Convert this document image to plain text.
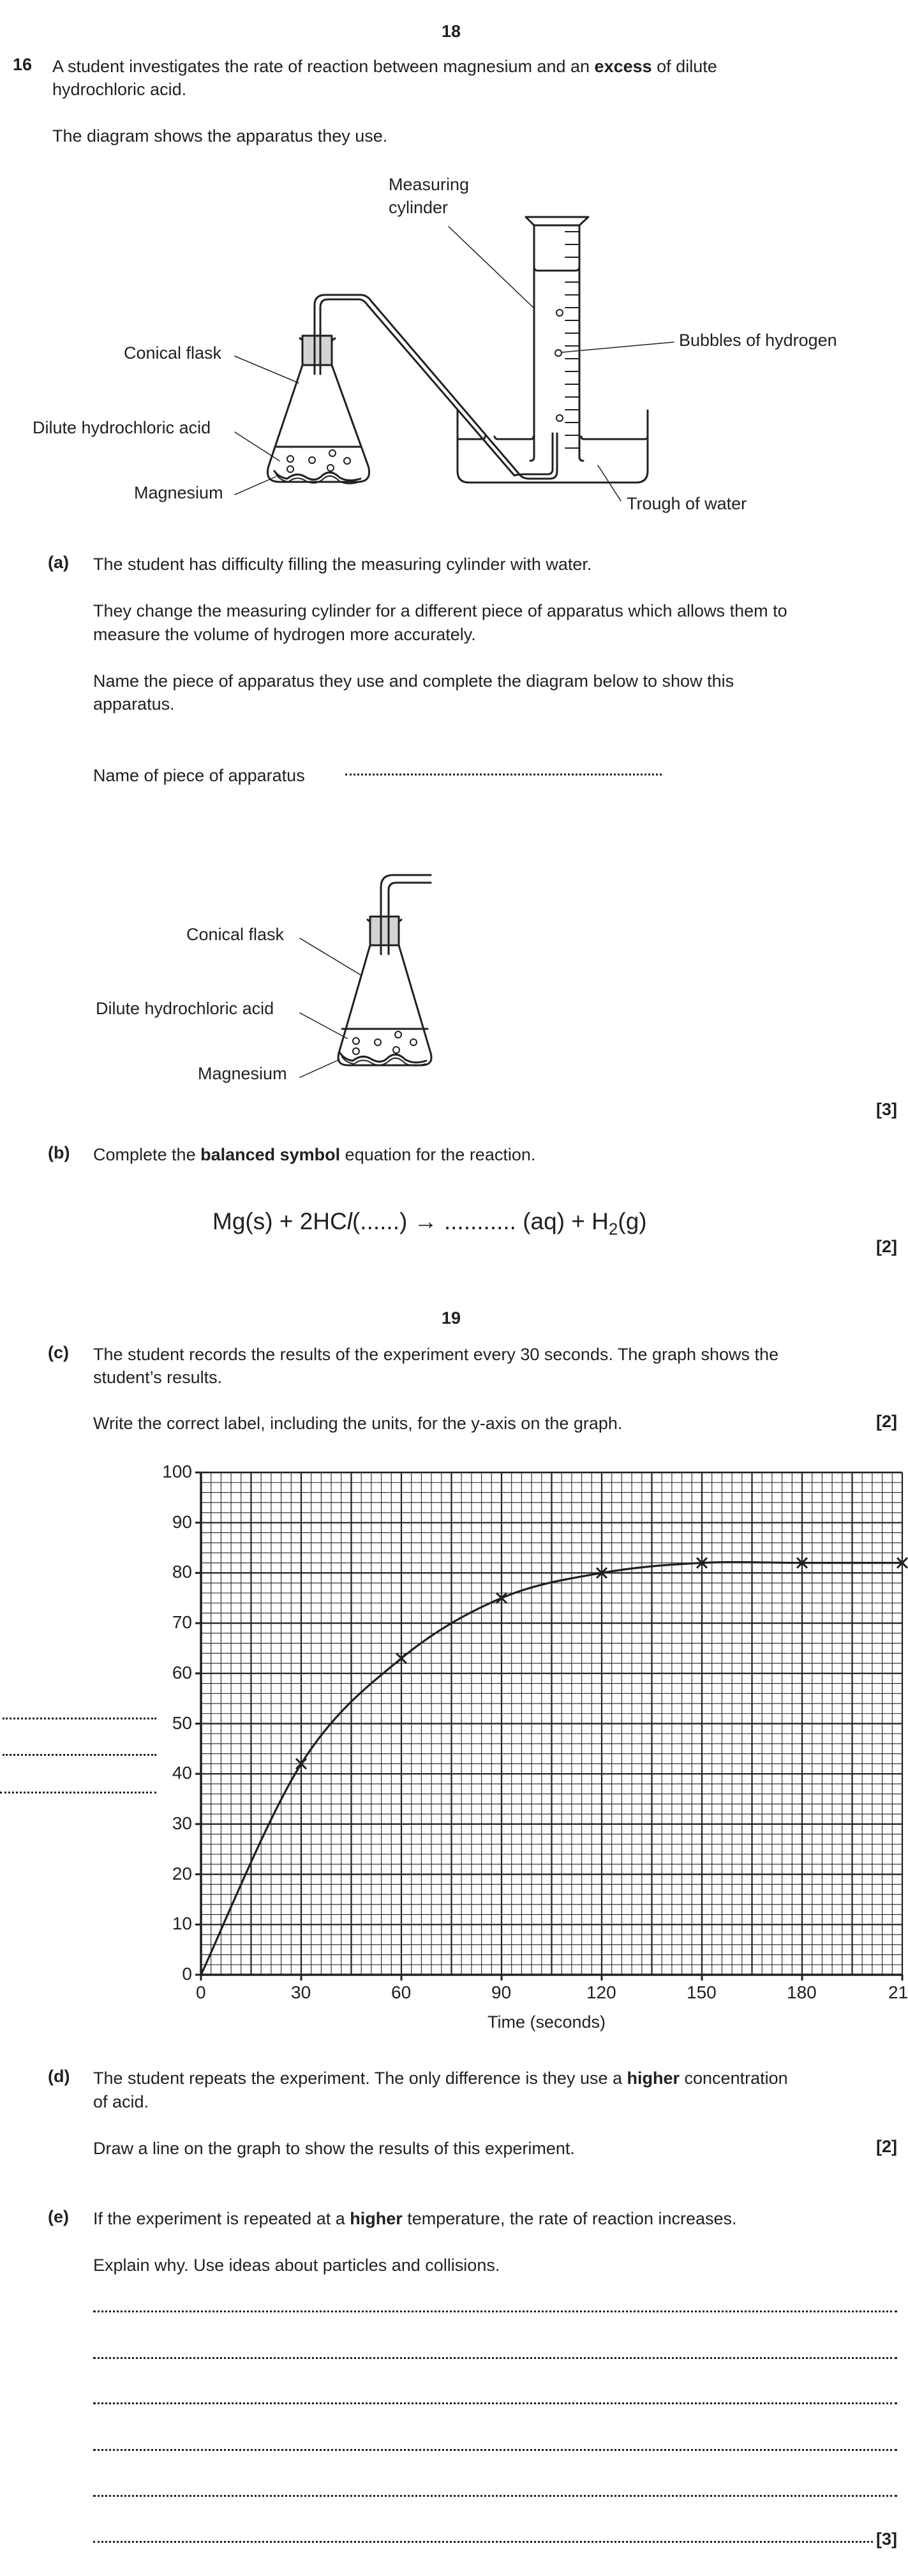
18
16 A student investigates the rate of reaction between magnesium and an excess of dilute
hydrochloric acid.
The diagram shows the apparatus they use.
Measuring
cylinder
Conical flask
Dilute hydrochloric acid
Magnesium
Bubbles of hydrogen
Trough of water
(a) The student has difficulty filling the measuring cylinder with water.
They change the measuring cylinder for a different piece of apparatus which allows them to
measure the volume of hydrogen more accurately.
Name the piece of apparatus they use and complete the diagram below to show this
apparatus.
Name of piece of apparatus
Conical flask
Dilute hydrochloric acid
Magnesium
[3]
(b) Complete the balanced symbol equation for the reaction.
Mg(s) + 2HCl(......) → ........... $(aq) + H_2(g)$
[2]
19
(c) The student records the results of the experiment every 30 seconds. The graph shows the
student’s results.
Write the correct label, including the units, for the y-axis on the graph.	[2]
0
10
20
30
40
50
60
70
80
90
100
0	30	60	90	120	150	180	21
Time (seconds)
(d) The student repeats the experiment. The only difference is they use a higher concentration
of acid.
Draw a line on the graph to show the results of this experiment.	[2]
(e) If the experiment is repeated at a higher temperature, the rate of reaction increases.
Explain why. Use ideas about particles and collisions.
[3]
